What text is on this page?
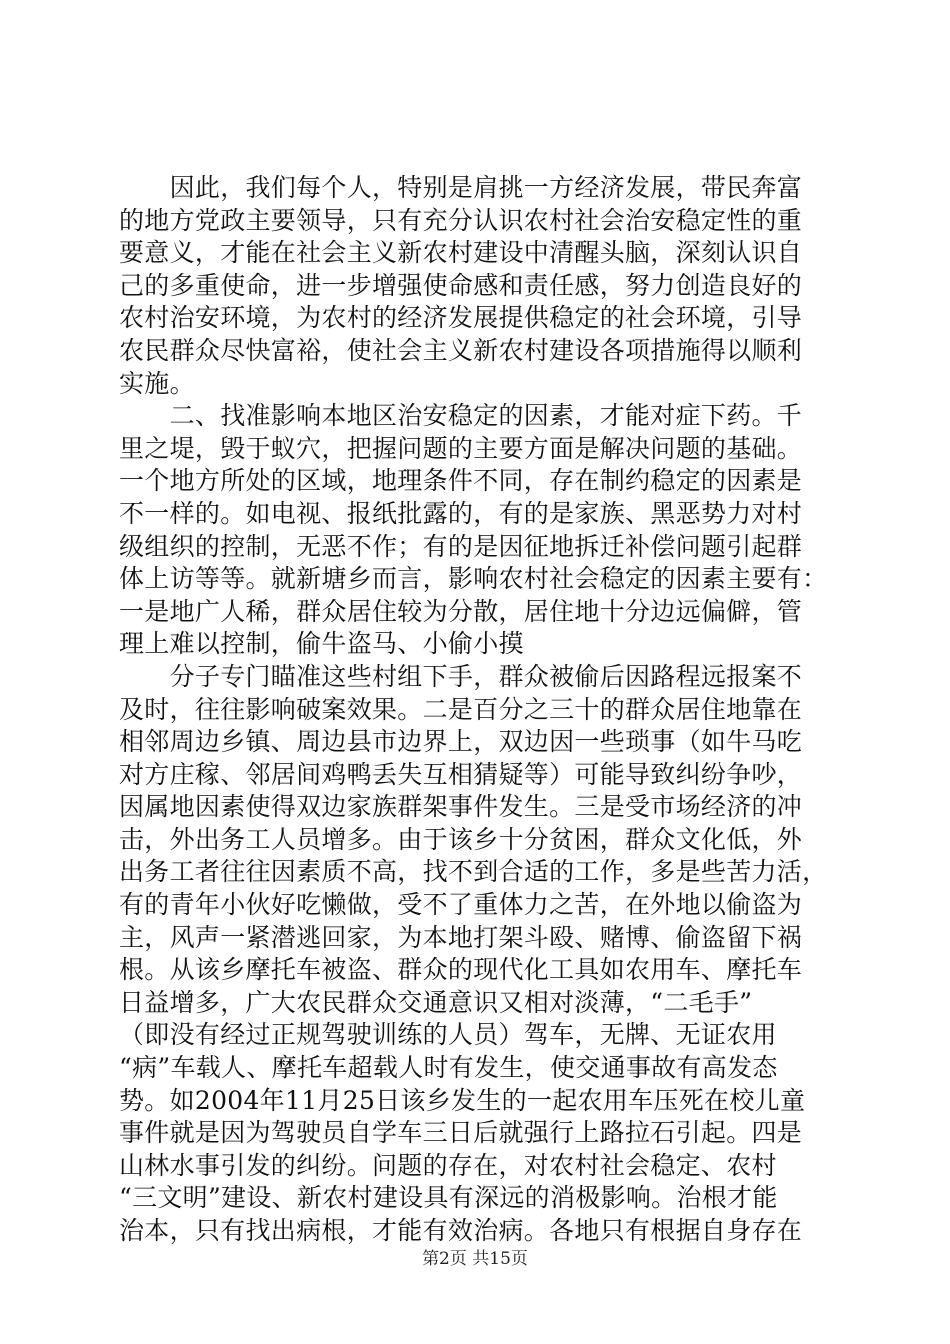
　　因此，我们每个人，特别是肩挑一方经济发展，带民奔富
的地方党政主要领导，只有充分认识农村社会治安稳定性的重
要意义，才能在社会主义新农村建设中清醒头脑，深刻认识自
己的多重使命，进一步增强使命感和责任感，努力创造良好的
农村治安环境，为农村的经济发展提供稳定的社会环境，引导
农民群众尽快富裕，使社会主义新农村建设各项措施得以顺利
实施。
　　二、找准影响本地区治安稳定的因素，才能对症下药。千
里之堤，毁于蚁穴，把握问题的主要方面是解决问题的基础。
一个地方所处的区域，地理条件不同，存在制约稳定的因素是
不一样的。如电视、报纸批露的，有的是家族、黑恶势力对村
级组织的控制，无恶不作；有的是因征地拆迁补偿问题引起群
体上访等等。就新塘乡而言，影响农村社会稳定的因素主要有：
一是地广人稀，群众居住较为分散，居住地十分边远偏僻，管
理上难以控制，偷牛盗马、小偷小摸
　　分子专门瞄准这些村组下手，群众被偷后因路程远报案不
及时，往往影响破案效果。二是百分之三十的群众居住地靠在
相邻周边乡镇、周边县市边界上，双边因一些琐事（如牛马吃
对方庄稼、邻居间鸡鸭丢失互相猜疑等）可能导致纠纷争吵，
因属地因素使得双边家族群架事件发生。三是受市场经济的冲
击，外出务工人员增多。由于该乡十分贫困，群众文化低，外
出务工者往往因素质不高，找不到合适的工作，多是些苦力活，
有的青年小伙好吃懒做，受不了重体力之苦，在外地以偷盗为
主，风声一紧潜逃回家，为本地打架斗殴、赌博、偷盗留下祸
根。从该乡摩托车被盗、群众的现代化工具如农用车、摩托车
日益增多，广大农民群众交通意识又相对淡薄，“二毛手”
（即没有经过正规驾驶训练的人员）驾车，无牌、无证农用
“病”车载人、摩托车超载人时有发生，使交通事故有高发态
势。如2004年11月25日该乡发生的一起农用车压死在校儿童
事件就是因为驾驶员自学车三日后就强行上路拉石引起。四是
山林水事引发的纠纷。问题的存在，对农村社会稳定、农村
“三文明”建设、新农村建设具有深远的消极影响。治根才能
治本，只有找出病根，才能有效治病。各地只有根据自身存在
第2页 共15页
